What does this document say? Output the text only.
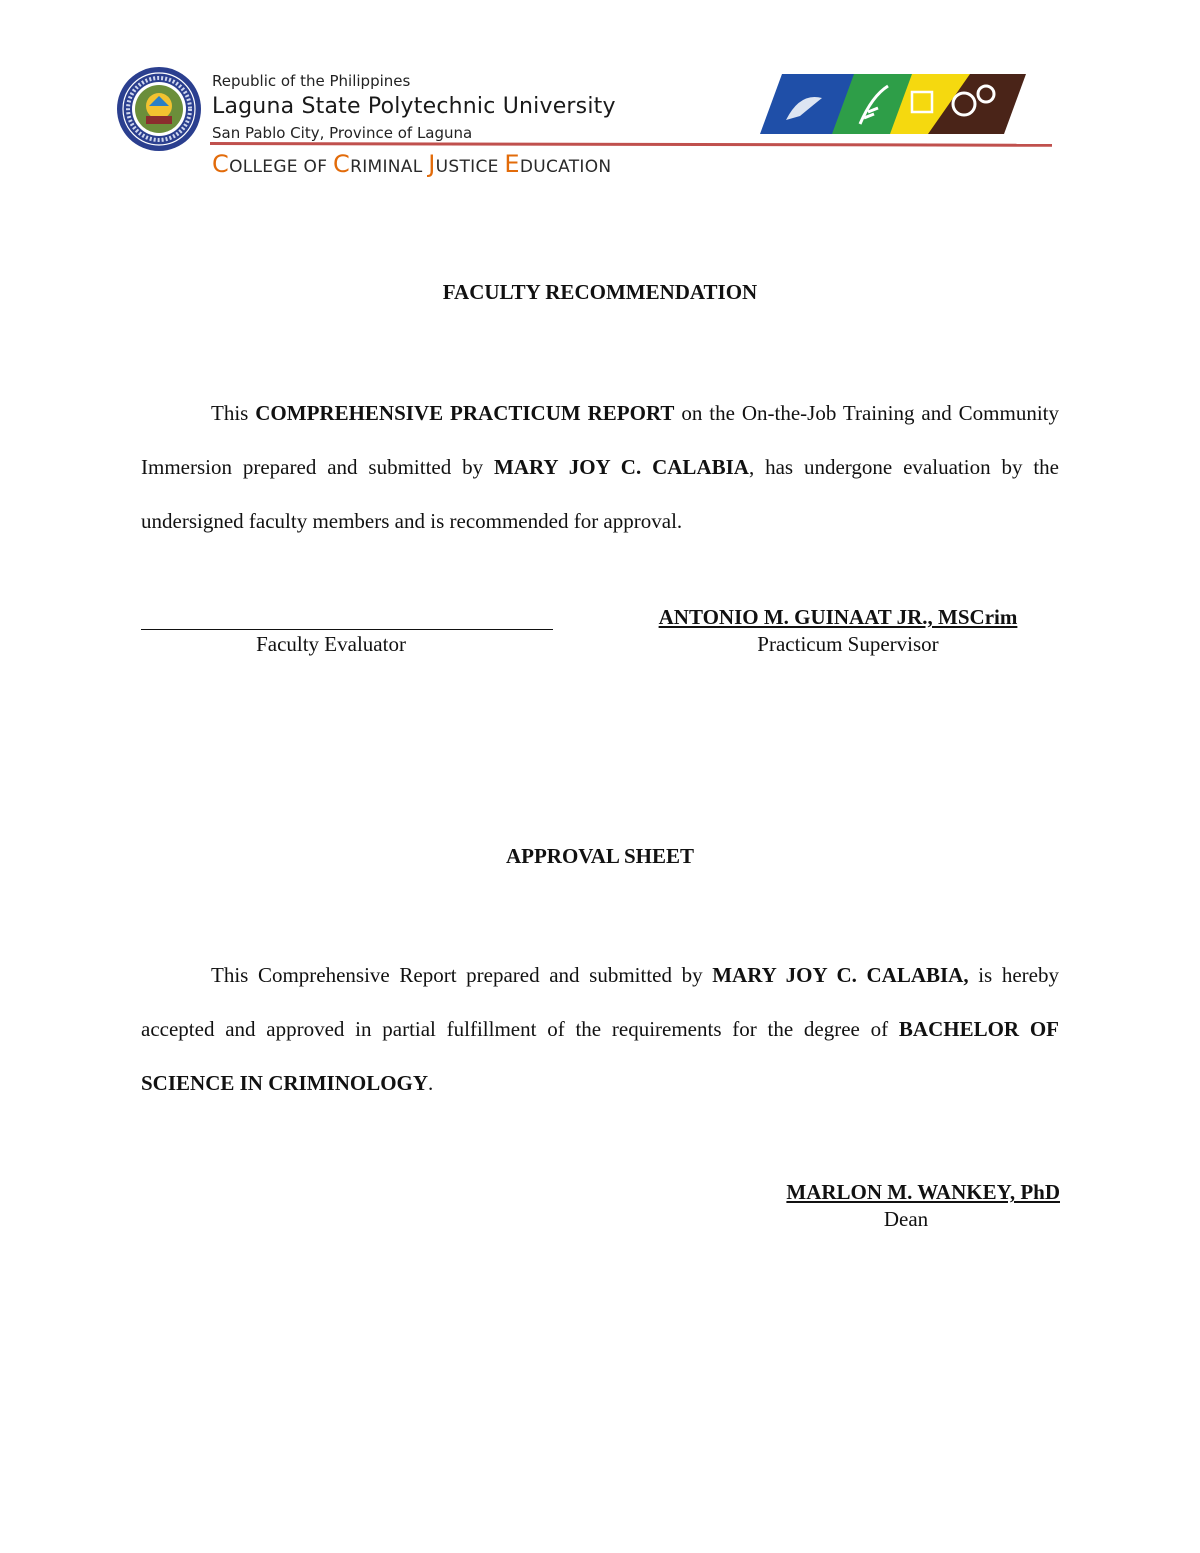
Republic of the Philippines
Laguna State Polytechnic University
San Pablo City, Province of Laguna
COLLEGE OF CRIMINAL JUSTICE EDUCATION
FACULTY RECOMMENDATION
This COMPREHENSIVE PRACTICUM REPORT on the On-the-Job Training and Community Immersion prepared and submitted by MARY JOY C. CALABIA, has undergone evaluation by the undersigned faculty members and is recommended for approval.
Faculty Evaluator
ANTONIO M. GUINAAT JR., MSCrim
Practicum Supervisor
APPROVAL SHEET
This Comprehensive Report prepared and submitted by MARY JOY C. CALABIA, is hereby accepted and approved in partial fulfillment of the requirements for the degree of BACHELOR OF SCIENCE IN CRIMINOLOGY.
MARLON M. WANKEY, PhD
Dean
